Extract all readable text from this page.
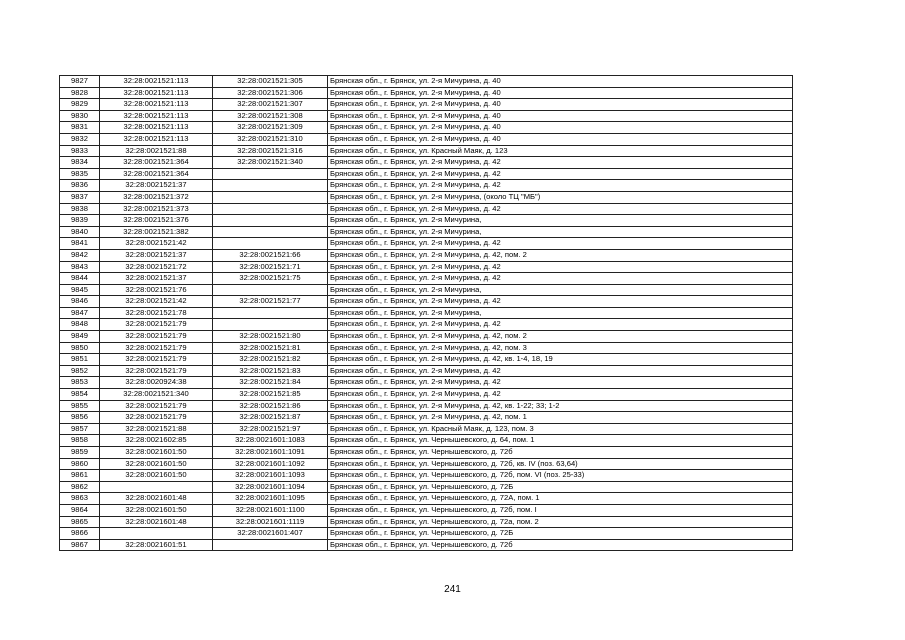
9827	32:28:0021521:113	32:28:0021521:305	Брянская обл., г. Брянск, ул. 2-я Мичурина, д. 40
9828	32:28:0021521:113	32:28:0021521:306	Брянская обл., г. Брянск, ул. 2-я Мичурина, д. 40
9829	32:28:0021521:113	32:28:0021521:307	Брянская обл., г. Брянск, ул. 2-я Мичурина, д. 40
9830	32:28:0021521:113	32:28:0021521:308	Брянская обл., г. Брянск, ул. 2-я Мичурина, д. 40
9831	32:28:0021521:113	32:28:0021521:309	Брянская обл., г. Брянск, ул. 2-я Мичурина, д. 40
9832	32:28:0021521:113	32:28:0021521:310	Брянская обл., г. Брянск, ул. 2-я Мичурина, д. 40
9833	32:28:0021521:88	32:28:0021521:316	Брянская обл., г. Брянск, ул. Красный Маяк, д. 123
9834	32:28:0021521:364	32:28:0021521:340	Брянская обл., г. Брянск, ул. 2-я Мичурина, д. 42
9835	32:28:0021521:364		Брянская обл., г. Брянск, ул. 2-я Мичурина, д. 42
9836	32:28:0021521:37		Брянская обл., г. Брянск, ул. 2-я Мичурина, д. 42
9837	32:28:0021521:372		Брянская обл., г. Брянск, ул. 2-я Мичурина, (около ТЦ "МБ")
9838	32:28:0021521:373		Брянская обл., г. Брянск, ул. 2-я Мичурина, д. 42
9839	32:28:0021521:376		Брянская обл., г. Брянск, ул. 2-я Мичурина,
9840	32:28:0021521:382		Брянская обл., г. Брянск, ул. 2-я Мичурина,
9841	32:28:0021521:42		Брянская обл., г. Брянск, ул. 2-я Мичурина, д. 42
9842	32:28:0021521:37	32:28:0021521:66	Брянская обл., г. Брянск, ул. 2-я Мичурина, д. 42, пом. 2
9843	32:28:0021521:72	32:28:0021521:71	Брянская обл., г. Брянск, ул. 2-я Мичурина, д. 42
9844	32:28:0021521:37	32:28:0021521:75	Брянская обл., г. Брянск, ул. 2-я Мичурина, д. 42
9845	32:28:0021521:76		Брянская обл., г. Брянск, ул. 2-я Мичурина,
9846	32:28:0021521:42	32:28:0021521:77	Брянская обл., г. Брянск, ул. 2-я Мичурина, д. 42
9847	32:28:0021521:78		Брянская обл., г. Брянск, ул. 2-я Мичурина,
9848	32:28:0021521:79		Брянская обл., г. Брянск, ул. 2-я Мичурина, д. 42
9849	32:28:0021521:79	32:28:0021521:80	Брянская обл., г. Брянск, ул. 2-я Мичурина, д. 42, пом. 2
9850	32:28:0021521:79	32:28:0021521:81	Брянская обл., г. Брянск, ул. 2-я Мичурина, д. 42, пом. 3
9851	32:28:0021521:79	32:28:0021521:82	Брянская обл., г. Брянск, ул. 2-я Мичурина, д. 42, кв. 1-4, 18, 19
9852	32:28:0021521:79	32:28:0021521:83	Брянская обл., г. Брянск, ул. 2-я Мичурина, д. 42
9853	32:28:0020924:38	32:28:0021521:84	Брянская обл., г. Брянск, ул. 2-я Мичурина, д. 42
9854	32:28:0021521:340	32:28:0021521:85	Брянская обл., г. Брянск, ул. 2-я Мичурина, д. 42
9855	32:28:0021521:79	32:28:0021521:86	Брянская обл., г. Брянск, ул. 2-я Мичурина, д. 42, кв. 1-22; 33; 1-2
9856	32:28:0021521:79	32:28:0021521:87	Брянская обл., г. Брянск, ул. 2-я Мичурина, д. 42, пом. 1
9857	32:28:0021521:88	32:28:0021521:97	Брянская обл., г. Брянск, ул. Красный Маяк, д. 123, пом. 3
9858	32:28:0021602:85	32:28:0021601:1083	Брянская обл., г. Брянск, ул. Чернышевского, д. 64, пом. 1
9859	32:28:0021601:50	32:28:0021601:1091	Брянская обл., г. Брянск, ул. Чернышевского, д. 72б
9860	32:28:0021601:50	32:28:0021601:1092	Брянская обл., г. Брянск, ул. Чернышевского, д. 72б, кв. IV (поз. 63,64)
9861	32:28:0021601:50	32:28:0021601:1093	Брянская обл., г. Брянск, ул. Чернышевского, д. 72б, пом. VI (поз. 25-33)
9862		32:28:0021601:1094	Брянская обл., г. Брянск, ул. Чернышевского, д. 72Б
9863	32:28:0021601:48	32:28:0021601:1095	Брянская обл., г. Брянск, ул. Чернышевского, д. 72А, пом. 1
9864	32:28:0021601:50	32:28:0021601:1100	Брянская обл., г. Брянск, ул. Чернышевского, д. 72б, пом. I
9865	32:28:0021601:48	32:28:0021601:1119	Брянская обл., г. Брянск, ул. Чернышевского, д. 72а, пом. 2
9866		32:28:0021601:407	Брянская обл., г. Брянск, ул. Чернышевского, д. 72Б
9867	32:28:0021601:51		Брянская обл., г. Брянск, ул. Чернышевского, д. 72б
241
